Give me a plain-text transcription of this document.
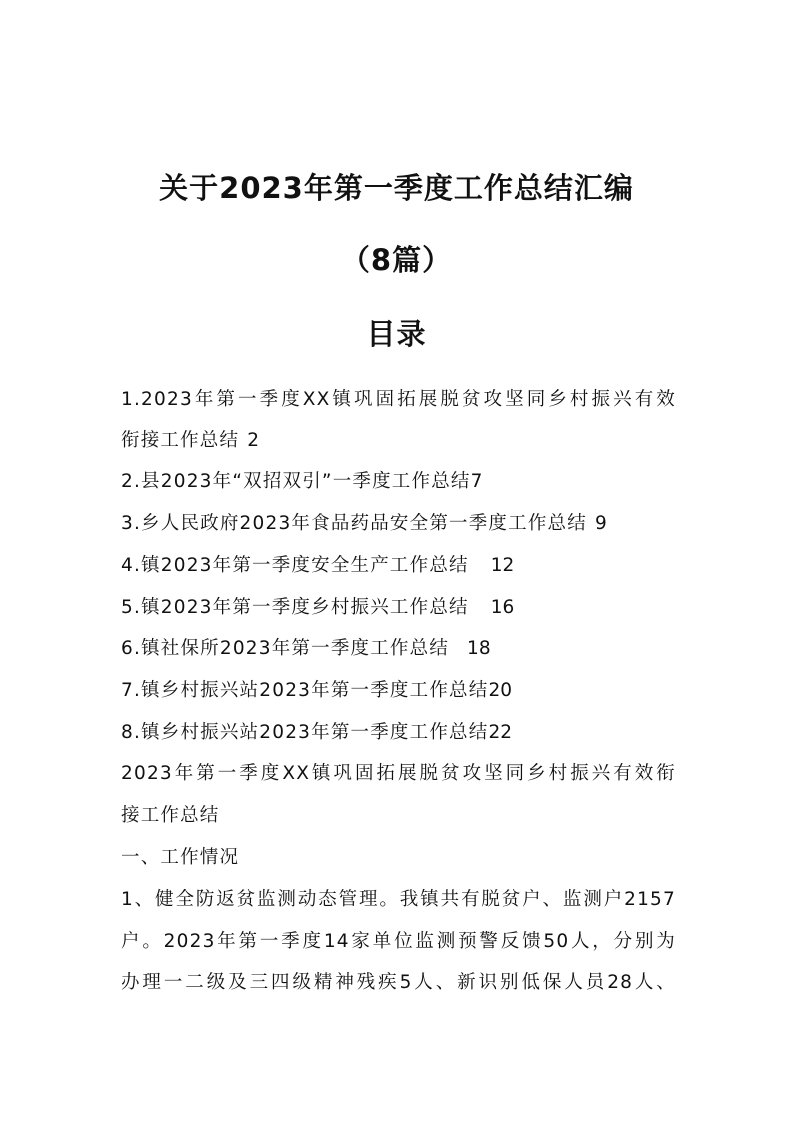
关于2023年第一季度工作总结汇编
（8篇）
目录

1.2023年第一季度XX镇巩固拓展脱贫攻坚同乡村振兴有效

衔接工作总结 2

2.县2023年“双招双引”一季度工作总结7

3.乡人民政府2023年食品药品安全第一季度工作总结 9

4.镇2023年第一季度安全生产工作总结 12

5.镇2023年第一季度乡村振兴工作总结 16

6.镇社保所2023年第一季度工作总结 18

7.镇乡村振兴站2023年第一季度工作总结20

8.镇乡村振兴站2023年第一季度工作总结22

2023年第一季度XX镇巩固拓展脱贫攻坚同乡村振兴有效衔

接工作总结

一、工作情况

1、健全防返贫监测动态管理。我镇共有脱贫户、监测户2157

户。2023年第一季度14家单位监测预警反馈50人，分别为

办理一二级及三四级精神残疾5人、新识别低保人员28人、
